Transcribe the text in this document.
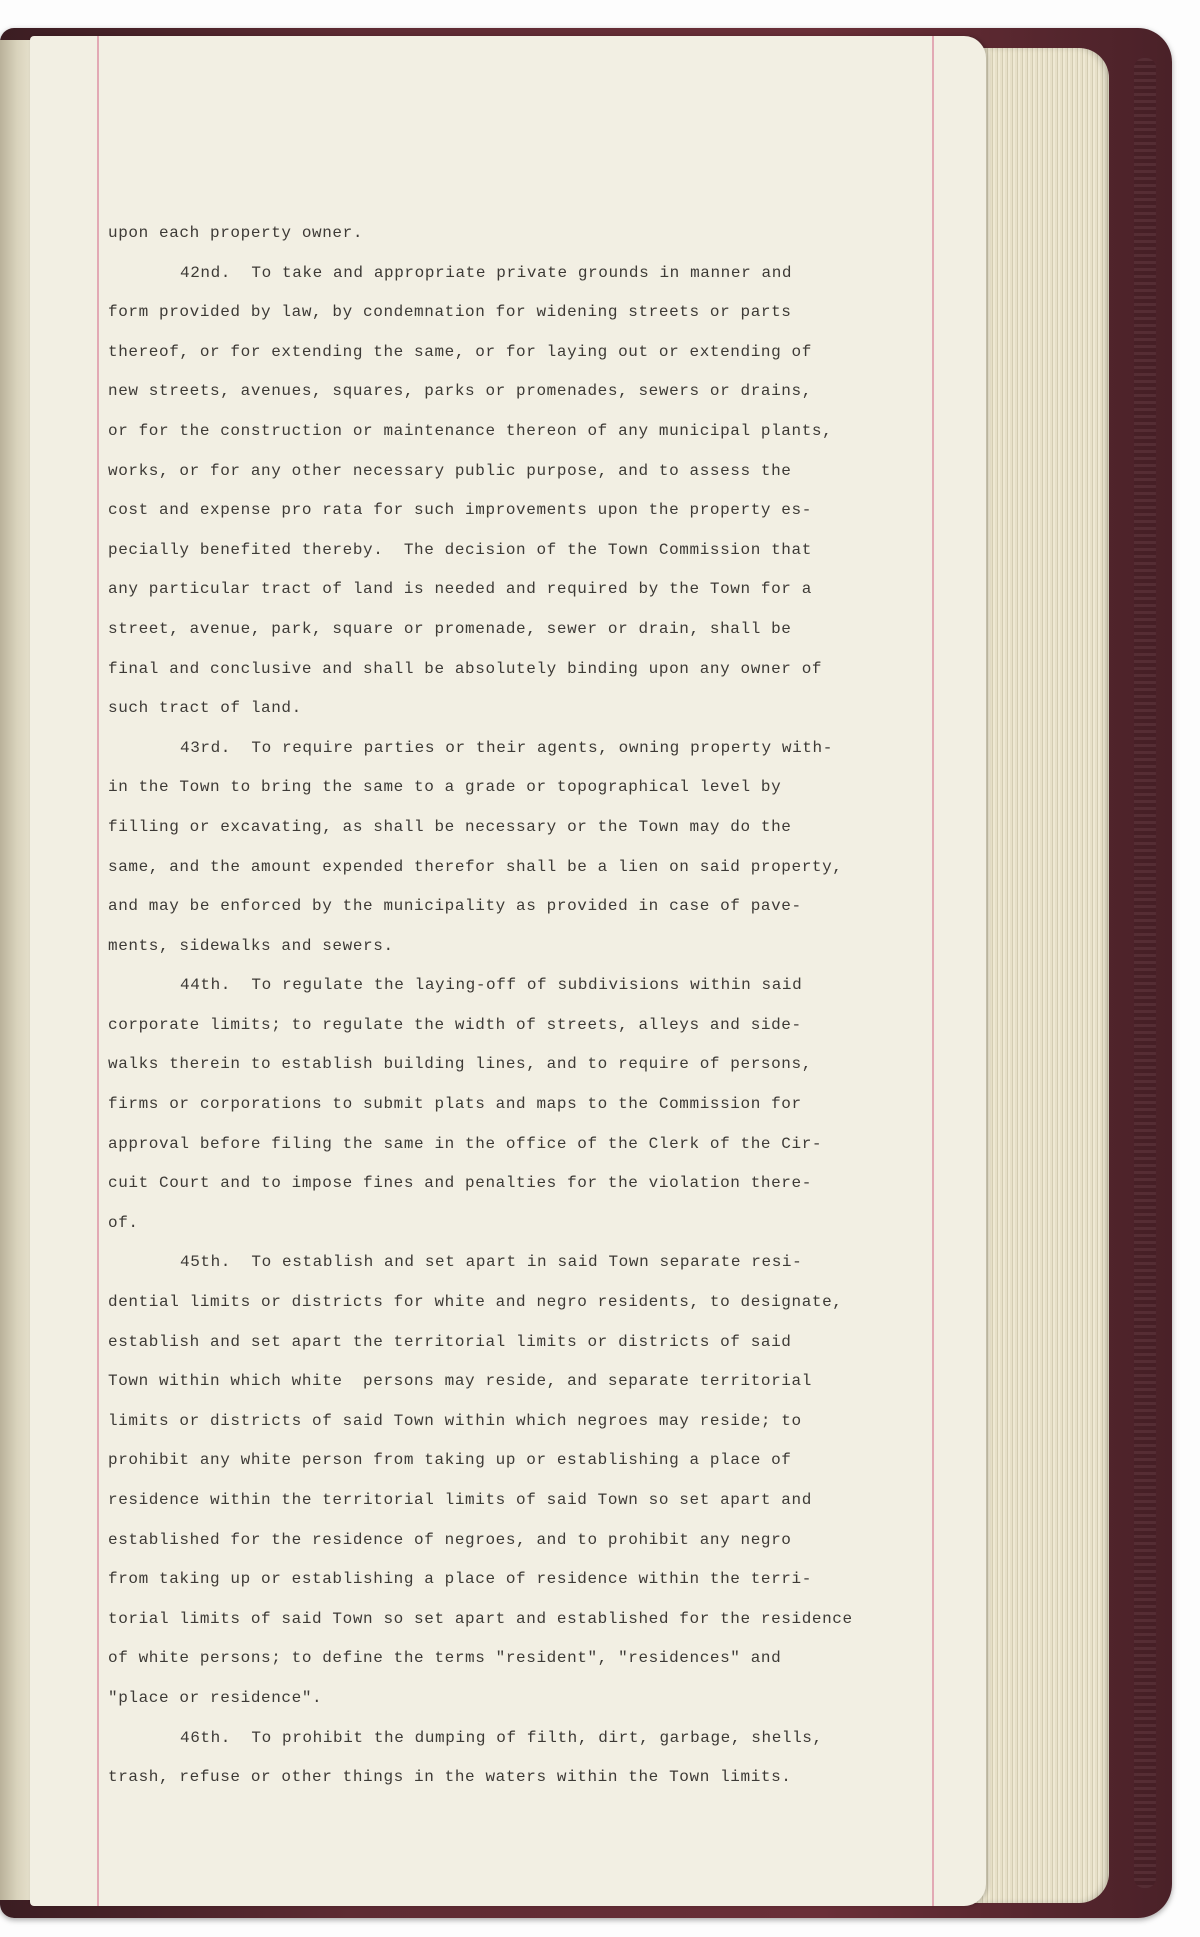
upon each property owner.
42nd.  To take and appropriate private grounds in manner and
form provided by law, by condemnation for widening streets or parts
thereof, or for extending the same, or for laying out or extending of
new streets, avenues, squares, parks or promenades, sewers or drains,
or for the construction or maintenance thereon of any municipal plants,
works, or for any other necessary public purpose, and to assess the
cost and expense pro rata for such improvements upon the property es-
pecially benefited thereby.  The decision of the Town Commission that
any particular tract of land is needed and required by the Town for a
street, avenue, park, square or promenade, sewer or drain, shall be
final and conclusive and shall be absolutely binding upon any owner of
such tract of land.
43rd.  To require parties or their agents, owning property with-
in the Town to bring the same to a grade or topographical level by
filling or excavating, as shall be necessary or the Town may do the
same, and the amount expended therefor shall be a lien on said property,
and may be enforced by the municipality as provided in case of pave-
ments, sidewalks and sewers.
44th.  To regulate the laying-off of subdivisions within said
corporate limits; to regulate the width of streets, alleys and side-
walks therein to establish building lines, and to require of persons,
firms or corporations to submit plats and maps to the Commission for
approval before filing the same in the office of the Clerk of the Cir-
cuit Court and to impose fines and penalties for the violation there-
of.
45th.  To establish and set apart in said Town separate resi-
dential limits or districts for white and negro residents, to designate,
establish and set apart the territorial limits or districts of said
Town within which white  persons may reside, and separate territorial
limits or districts of said Town within which negroes may reside; to
prohibit any white person from taking up or establishing a place of
residence within the territorial limits of said Town so set apart and
established for the residence of negroes, and to prohibit any negro
from taking up or establishing a place of residence within the terri-
torial limits of said Town so set apart and established for the residence
of white persons; to define the terms "resident", "residences" and
"place or residence".
46th.  To prohibit the dumping of filth, dirt, garbage, shells,
trash, refuse or other things in the waters within the Town limits.
